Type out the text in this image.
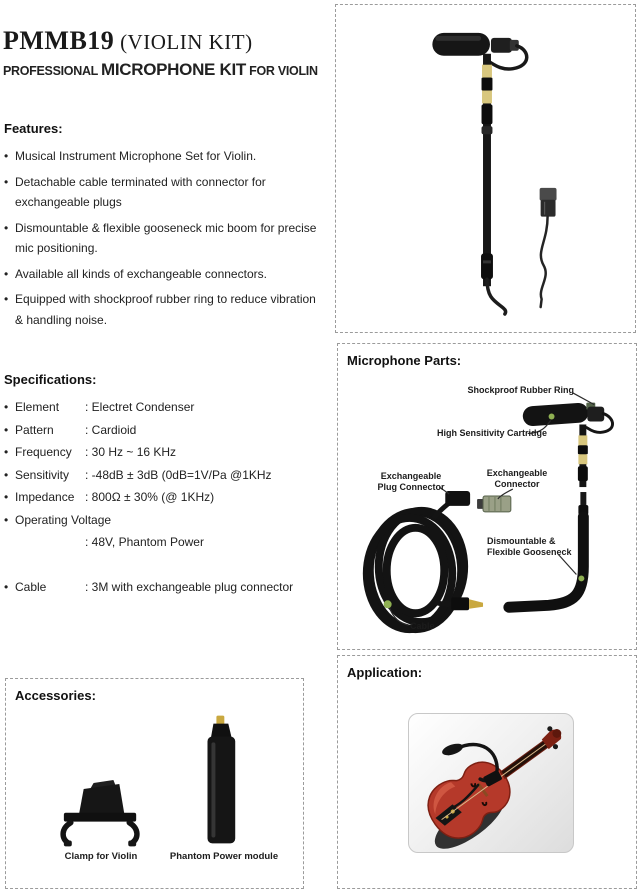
PMMB19 (VIOLIN KIT)
PROFESSIONAL MICROPHONE KIT FOR VIOLIN
Features:
• Musical Instrument Microphone Set for Violin.
• Detachable cable terminated with connector for exchangeable plugs
• Dismountable & flexible gooseneck mic boom for precise mic positioning.
• Available all kinds of exchangeable connectors.
• Equipped with shockproof rubber ring to reduce vibration & handling noise.
Specifications:
•
Element	: Electret Condenser
•
Pattern	: Cardioid
•
Frequency	: 30 Hz ~ 16 KHz
•
Sensitivity	: -48dB ± 3dB (0dB=1V/Pa @1KHz
•
Impedance : 800Ω ± 30% (@ 1KHz)
•
Operating Voltage
: 48V, Phantom Power
•
Cable	: 3M with exchangeable plug connector
Microphone Parts:
Shockproof Rubber Ring
High Sensitivity Cartridge
Exchangeable
Plug Connector
Exchangeable
Connector
Dismountable &
Flexible Gooseneck
Cable
Application:
Accessories:
Clamp for Violin	Phantom Power module
